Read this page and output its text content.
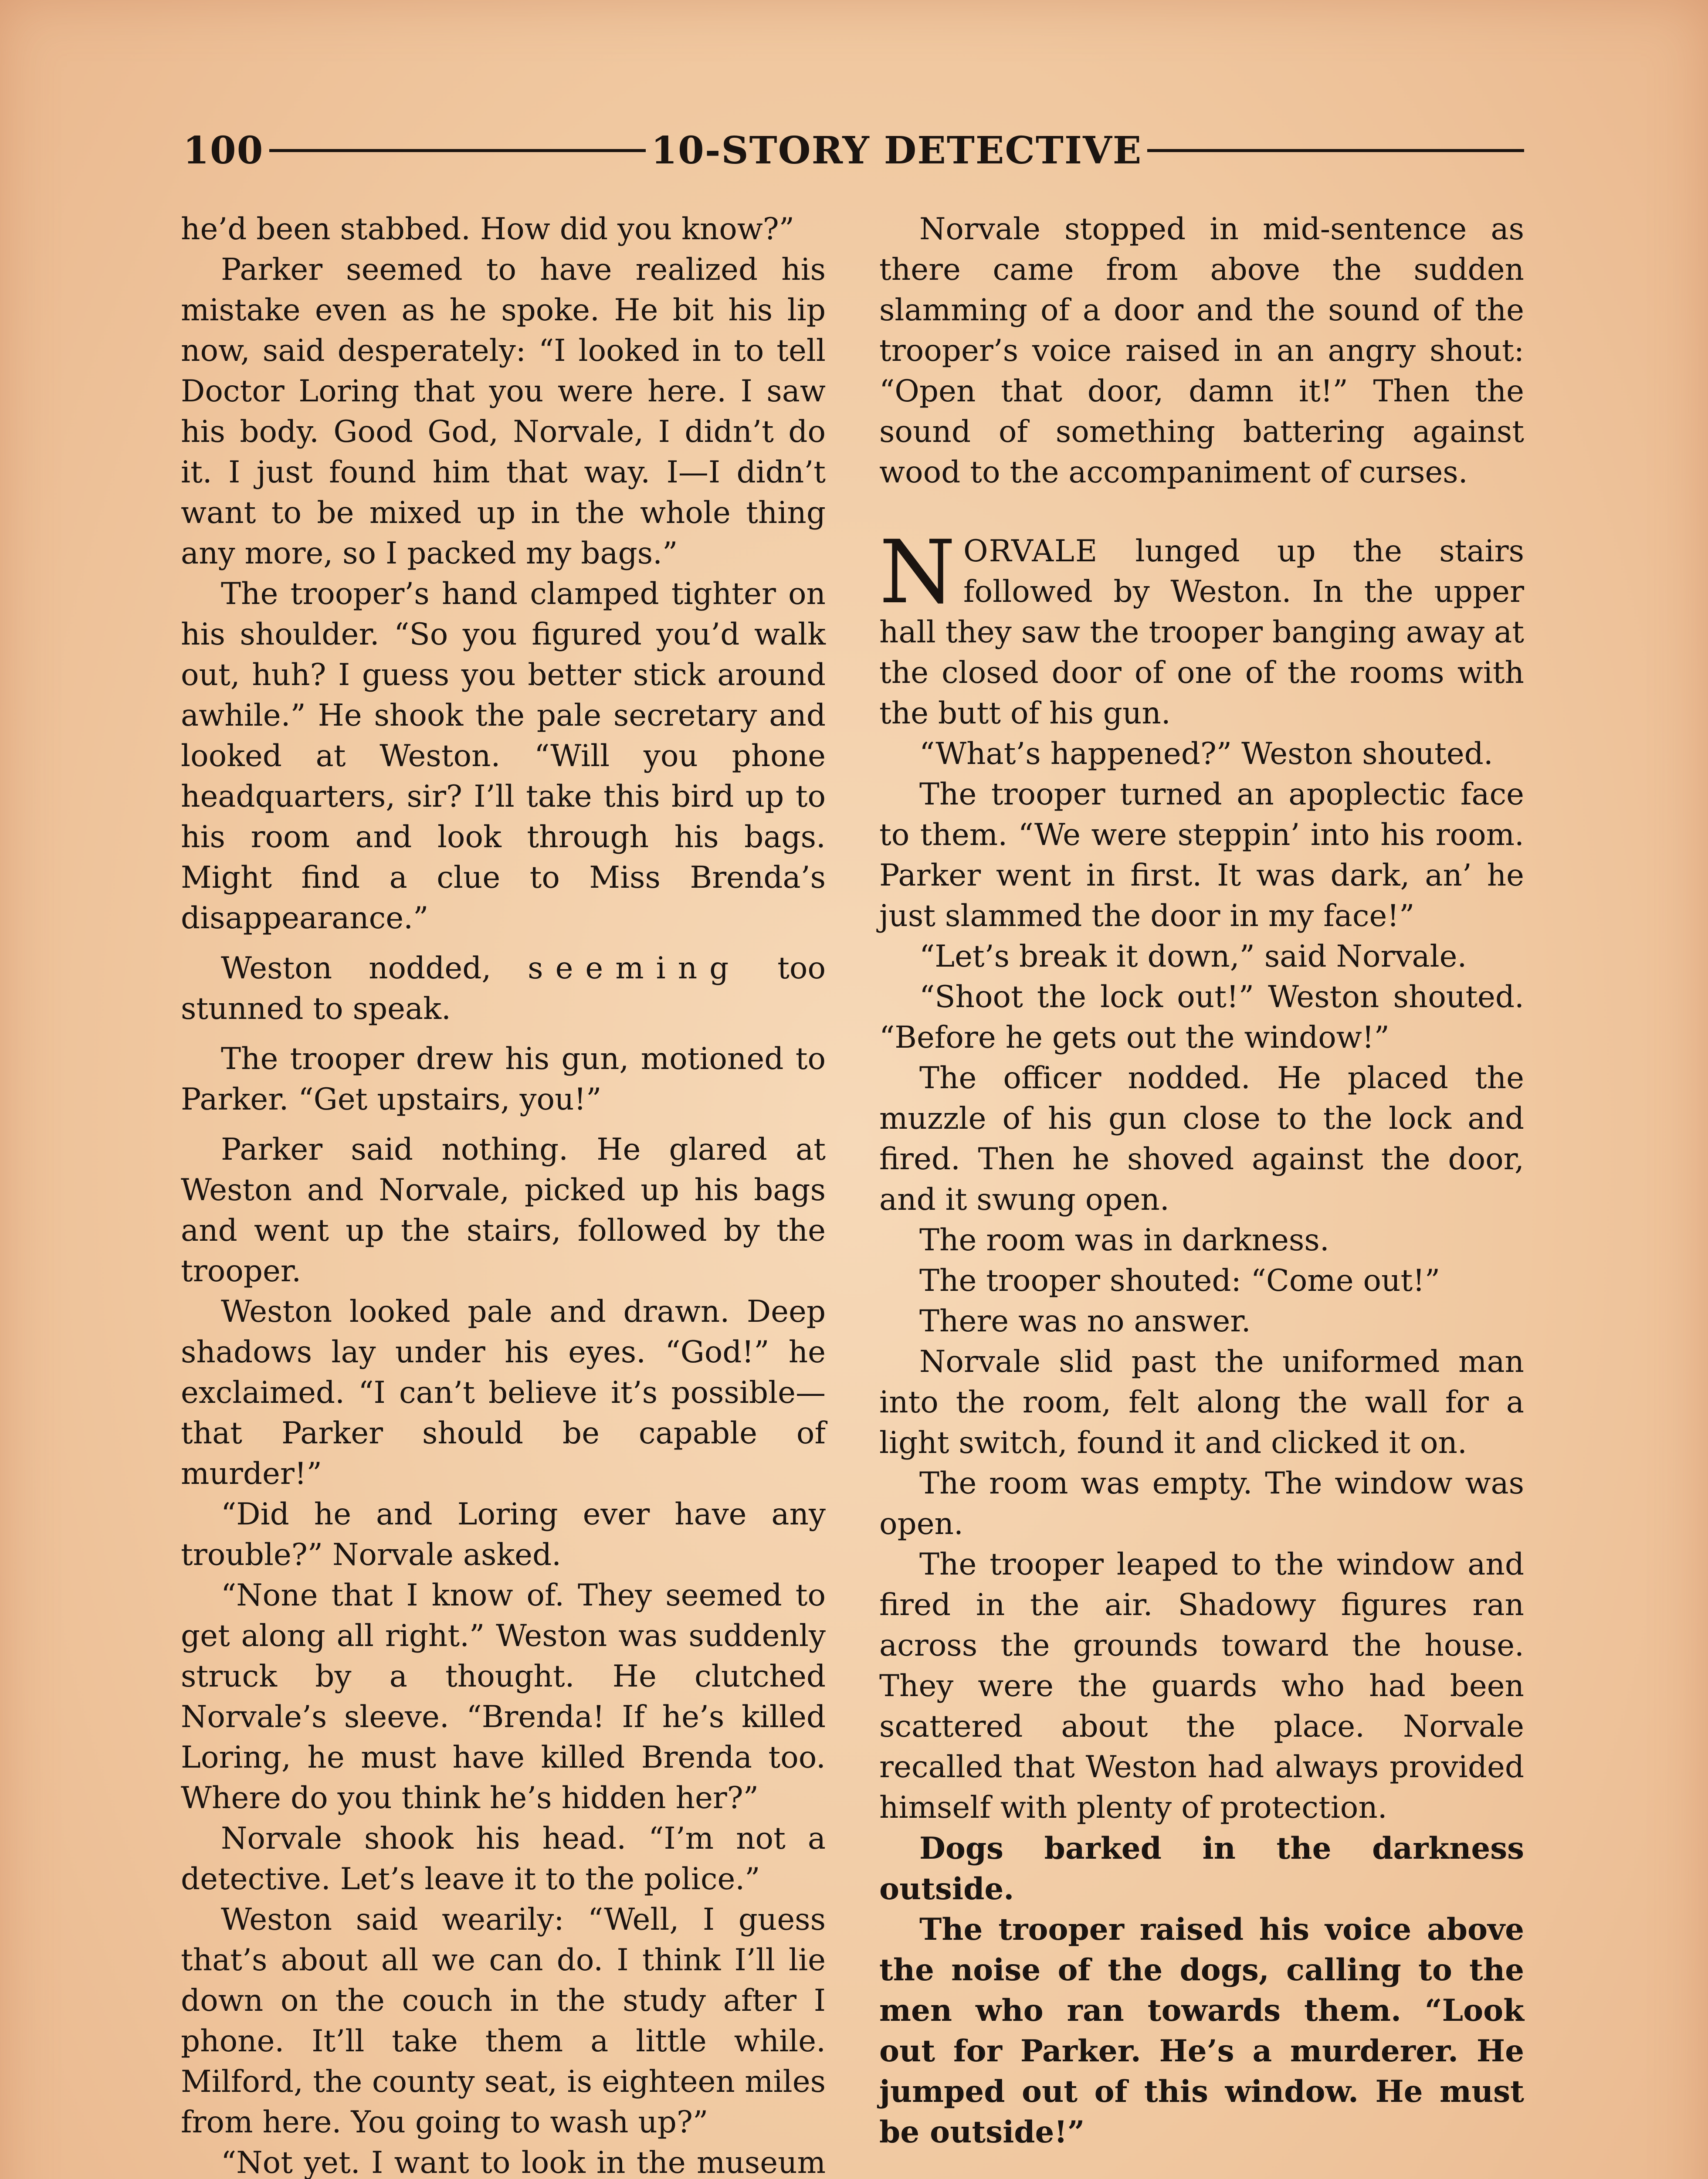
100	10-STORY DETECTIVE

he’d been stabbed. How did you know?”

Parker seemed to have realized his mistake even as he spoke. He bit his lip now, said desperately: “I looked in to tell Doctor Loring that you were here. I saw his body. Good God, Norvale, I didn’t do it. I just found him that way. I—I didn’t want to be mixed up in the whole thing any more, so I packed my bags.”

The trooper’s hand clamped tighter on his shoulder. “So you figured you’d walk out, huh? I guess you better stick around awhile.” He shook the pale secretary and looked at Weston. “Will you phone headquarters, sir? I’ll take this bird up to his room and look through his bags. Might find a clue to Miss Brenda’s disappearance.”

Weston nodded, seeming too stunned to speak.

The trooper drew his gun, motioned to Parker. “Get upstairs, you!”

Parker said nothing. He glared at Weston and Norvale, picked up his bags and went up the stairs, followed by the trooper.

Weston looked pale and drawn. Deep shadows lay under his eyes. “God!” he exclaimed. “I can’t believe it’s possible—that Parker should be capable of murder!”

“Did he and Loring ever have any trouble?” Norvale asked.

“None that I know of. They seemed to get along all right.” Weston was suddenly struck by a thought. He clutched Norvale’s sleeve. “Brenda! If he’s killed Loring, he must have killed Brenda too. Where do you think he’s hidden her?”

Norvale shook his head. “I’m not a detective. Let’s leave it to the police.”

Weston said wearily: “Well, I guess that’s about all we can do. I think I’ll lie down on the couch in the study after I phone. It’ll take them a little while. Milford, the county seat, is eighteen miles from here. You going to wash up?”

“Not yet. I want to look in the museum

Norvale stopped in mid-sentence as there came from above the sudden slamming of a door and the sound of the trooper’s voice raised in an angry shout: “Open that door, damn it!” Then the sound of something battering against wood to the accompaniment of curses.

NORVALE lunged up the stairs followed by Weston. In the upper hall they saw the trooper banging away at the closed door of one of the rooms with the butt of his gun.

“What’s happened?” Weston shouted.

The trooper turned an apoplectic face to them. “We were steppin’ into his room. Parker went in first. It was dark, an’ he just slammed the door in my face!”

“Let’s break it down,” said Norvale.

“Shoot the lock out!” Weston shouted. “Before he gets out the window!”

The officer nodded. He placed the muzzle of his gun close to the lock and fired. Then he shoved against the door, and it swung open.

The room was in darkness.

The trooper shouted: “Come out!”

There was no answer.

Norvale slid past the uniformed man into the room, felt along the wall for a light switch, found it and clicked it on.

The room was empty. The window was open.

The trooper leaped to the window and fired in the air. Shadowy figures ran across the grounds toward the house. They were the guards who had been scattered about the place. Norvale recalled that Weston had always provided himself with plenty of protection.

Dogs barked in the darkness outside.

The trooper raised his voice above the noise of the dogs, calling to the men who ran towards them. “Look out for Parker. He’s a murderer. He jumped out of this window. He must be outside!”
